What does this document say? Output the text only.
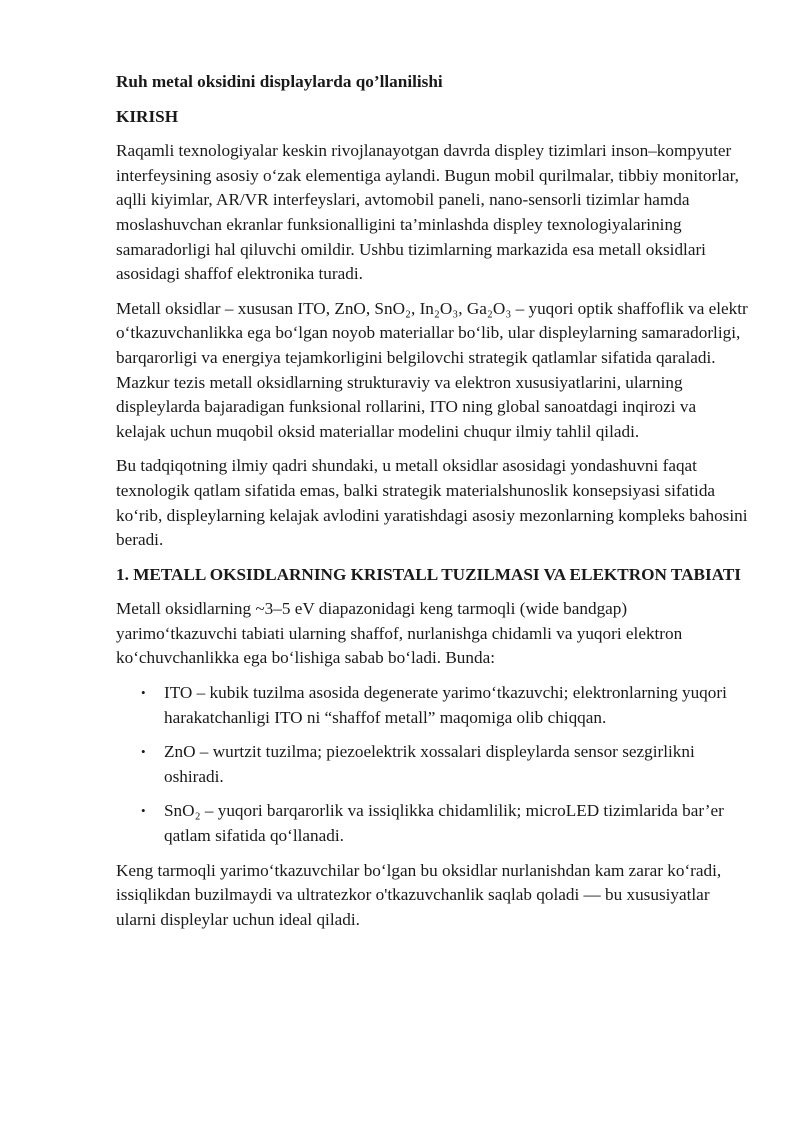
Ruh metal oksidini displaylarda qo’llanilishi
KIRISH

Raqamli texnologiyalar keskin rivojlanayotgan davrda displey tizimlari inson–kompyuter interfeysining asosiy o‘zak elementiga aylandi. Bugun mobil qurilmalar, tibbiy monitorlar, aqlli kiyimlar, AR/VR interfeyslari, avtomobil paneli, nano-sensorli tizimlar hamda moslashuvchan ekranlar funksionalligini ta’minlashda displey texnologiyalarining samaradorligi hal qiluvchi omildir. Ushbu tizimlarning markazida esa metall oksidlari asosidagi shaffof elektronika turadi.

Metall oksidlar – xususan ITO, ZnO, SnO₂, In₂O₃, Ga₂O₃ – yuqori optik shaffoflik va elektr o‘tkazuvchanlikka ega bo‘lgan noyob materiallar bo‘lib, ular displeylarning samaradorligi, barqarorligi va energiya tejamkorligini belgilovchi strategik qatlamlar sifatida qaraladi. Mazkur tezis metall oksidlarning strukturaviy va elektron xususiyatlarini, ularning displeylarda bajaradigan funksional rollarini, ITO ning global sanoatdagi inqirozi va kelajak uchun muqobil oksid materiallar modelini chuqur ilmiy tahlil qiladi.

Bu tadqiqotning ilmiy qadri shundaki, u metall oksidlar asosidagi yondashuvni faqat texnologik qatlam sifatida emas, balki strategik materialshunoslik konsepsiyasi sifatida ko‘rib, displeylarning kelajak avlodini yaratishdagi asosiy mezonlarning kompleks bahosini beradi.

1. METALL OKSIDLARNING KRISTALL TUZILMASI VA ELEKTRON TABIATI

Metall oksidlarning ~3–5 eV diapazonidagi keng tarmoqli (wide bandgap) yarimo‘tkazuvchi tabiati ularning shaffof, nurlanishga chidamli va yuqori elektron ko‘chuvchanlikka ega bo‘lishiga sabab bo‘ladi. Bunda:

• ITO – kubik tuzilma asosida degenerate yarimo‘tkazuvchi; elektronlarning yuqori harakatchanligi ITO ni “shaffof metall” maqomiga olib chiqqan.
• ZnO – wurtzit tuzilma; piezoelektrik xossalari displeylarda sensor sezgirlikni oshiradi.
• SnO₂ – yuqori barqarorlik va issiqlikka chidamlilik; microLED tizimlarida bar’er qatlam sifatida qo‘llanadi.

Keng tarmoqli yarimo‘tkazuvchilar bo‘lgan bu oksidlar nurlanishdan kam zarar ko‘radi, issiqlikdan buzilmaydi va ultratezkor o'tkazuvchanlik saqlab qoladi — bu xususiyatlar ularni displeylar uchun ideal qiladi.
